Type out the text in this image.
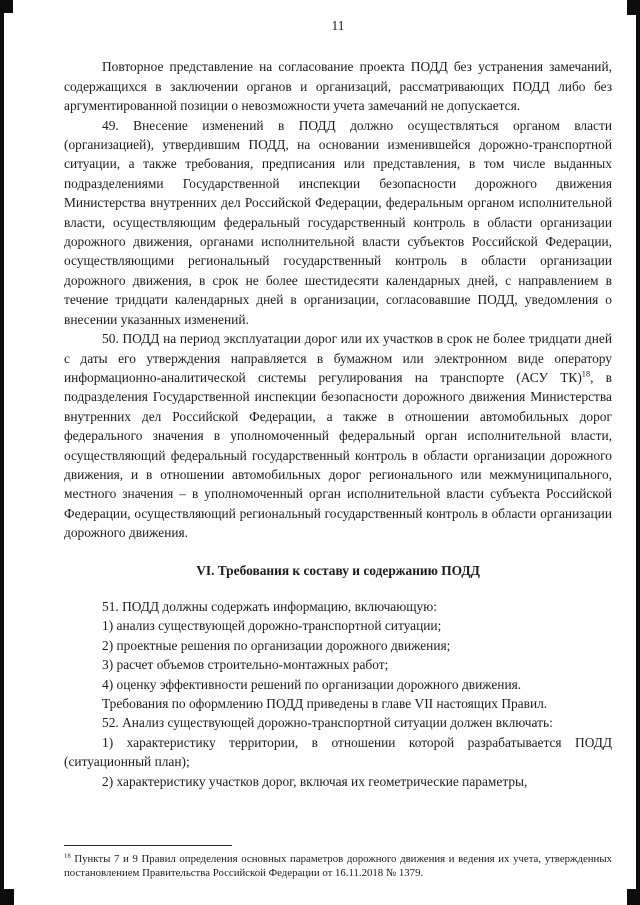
11

Повторное представление на согласование проекта ПОДД без устранения замечаний, содержащихся в заключении органов и организаций, рассматривающих ПОДД либо без аргументированной позиции о невозможности учета замечаний не допускается.

49. Внесение изменений в ПОДД должно осуществляться органом власти (организацией), утвердившим ПОДД, на основании изменившейся дорожно-транспортной ситуации, а также требования, предписания или представления, в том числе выданных подразделениями Государственной инспекции безопасности дорожного движения Министерства внутренних дел Российской Федерации, федеральным органом исполнительной власти, осуществляющим федеральный государственный контроль в области организации дорожного движения, органами исполнительной власти субъектов Российской Федерации, осуществляющими региональный государственный контроль в области организации дорожного движения, в срок не более шестидесяти календарных дней, с направлением в течение тридцати календарных дней в организации, согласовавшие ПОДД, уведомления о внесении указанных изменений.

50. ПОДД на период эксплуатации дорог или их участков в срок не более тридцати дней с даты его утверждения направляется в бумажном или электронном виде оператору информационно-аналитической системы регулирования на транспорте (АСУ ТК)$^{18}$, в подразделения Государственной инспекции безопасности дорожного движения Министерства внутренних дел Российской Федерации, а также в отношении автомобильных дорог федерального значения в уполномоченный федеральный орган исполнительной власти, осуществляющий федеральный государственный контроль в области организации дорожного движения, и в отношении автомобильных дорог регионального или межмуниципального, местного значения – в уполномоченный орган исполнительной власти субъекта Российской Федерации, осуществляющий региональный государственный контроль в области организации дорожного движения.

VI. Требования к составу и содержанию ПОДД

51. ПОДД должны содержать информацию, включающую:

1) анализ существующей дорожно-транспортной ситуации;

2) проектные решения по организации дорожного движения;

3) расчет объемов строительно-монтажных работ;

4) оценку эффективности решений по организации дорожного движения.

Требования по оформлению ПОДД приведены в главе VII настоящих Правил.

52. Анализ существующей дорожно-транспортной ситуации должен включать:

1) характеристику территории, в отношении которой разрабатывается ПОДД (ситуационный план);

2) характеристику участков дорог, включая их геометрические параметры,

$^{18}$ Пункты 7 и 9 Правил определения основных параметров дорожного движения и ведения их учета, утвержденных постановлением Правительства Российской Федерации от 16.11.2018 № 1379.
